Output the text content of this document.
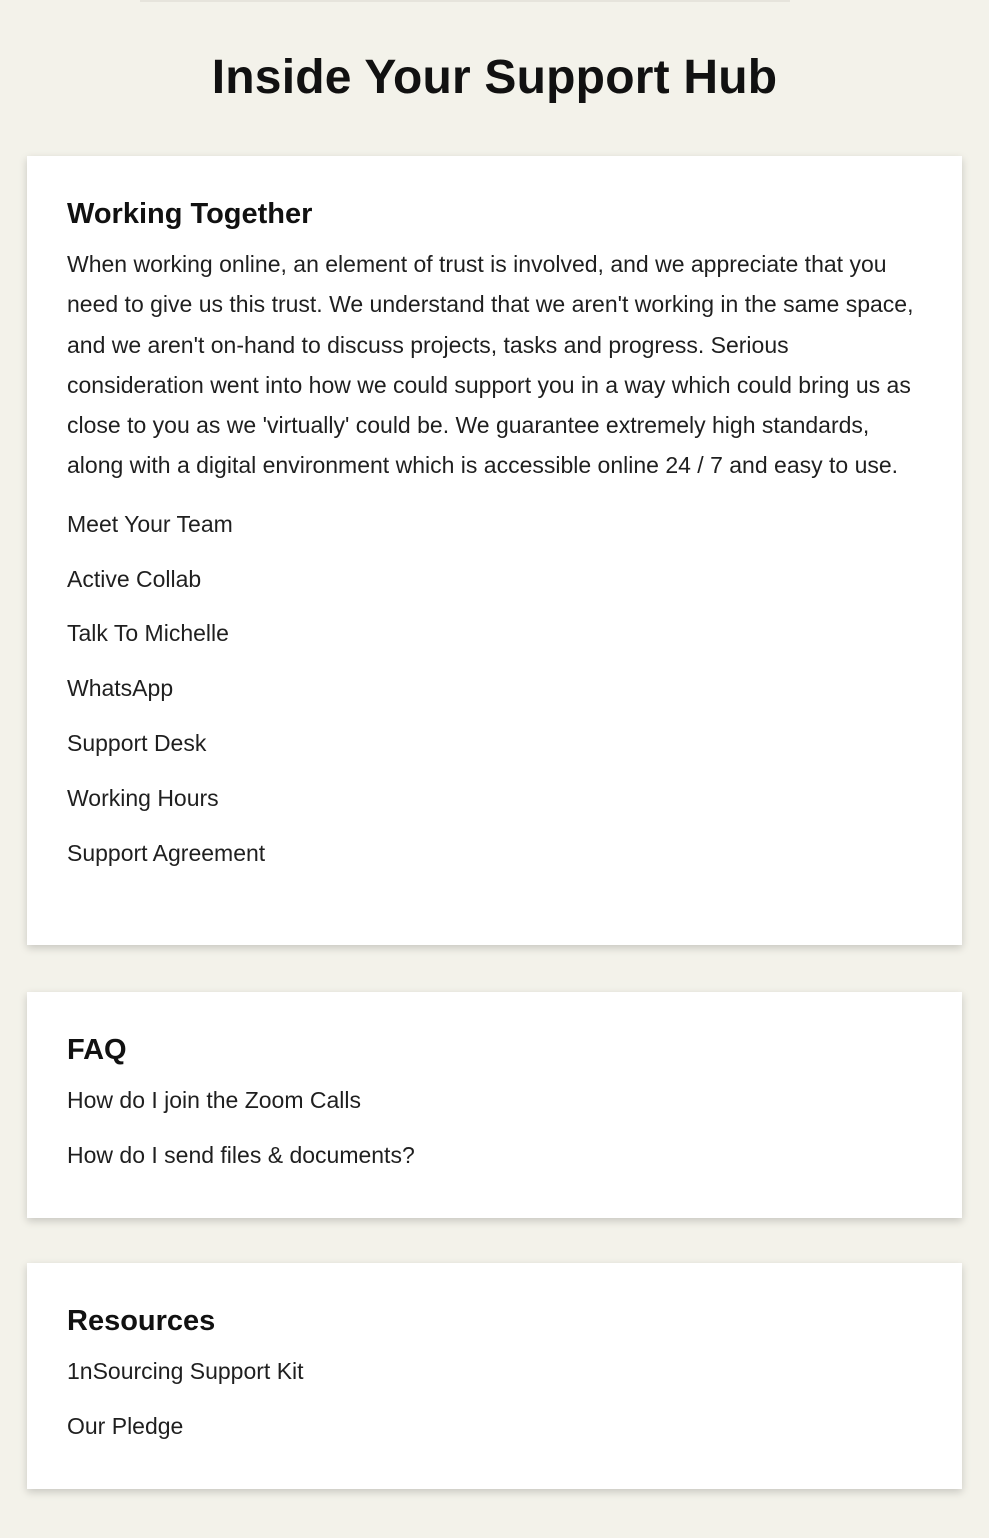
Inside Your Support Hub
Working Together

When working online, an element of trust is involved, and we appreciate that you need to give us this trust. We understand that we aren't working in the same space, and we aren't on-hand to discuss projects, tasks and progress. Serious consideration went into how we could support you in a way which could bring us as close to you as we 'virtually' could be. We guarantee extremely high standards, along with a digital environment which is accessible online 24 / 7 and easy to use.

Meet Your Team
Active Collab
Talk To Michelle
WhatsApp
Support Desk
Working Hours
Support Agreement
FAQ
How do I join the Zoom Calls
How do I send files & documents?
Resources
1nSourcing Support Kit
Our Pledge
